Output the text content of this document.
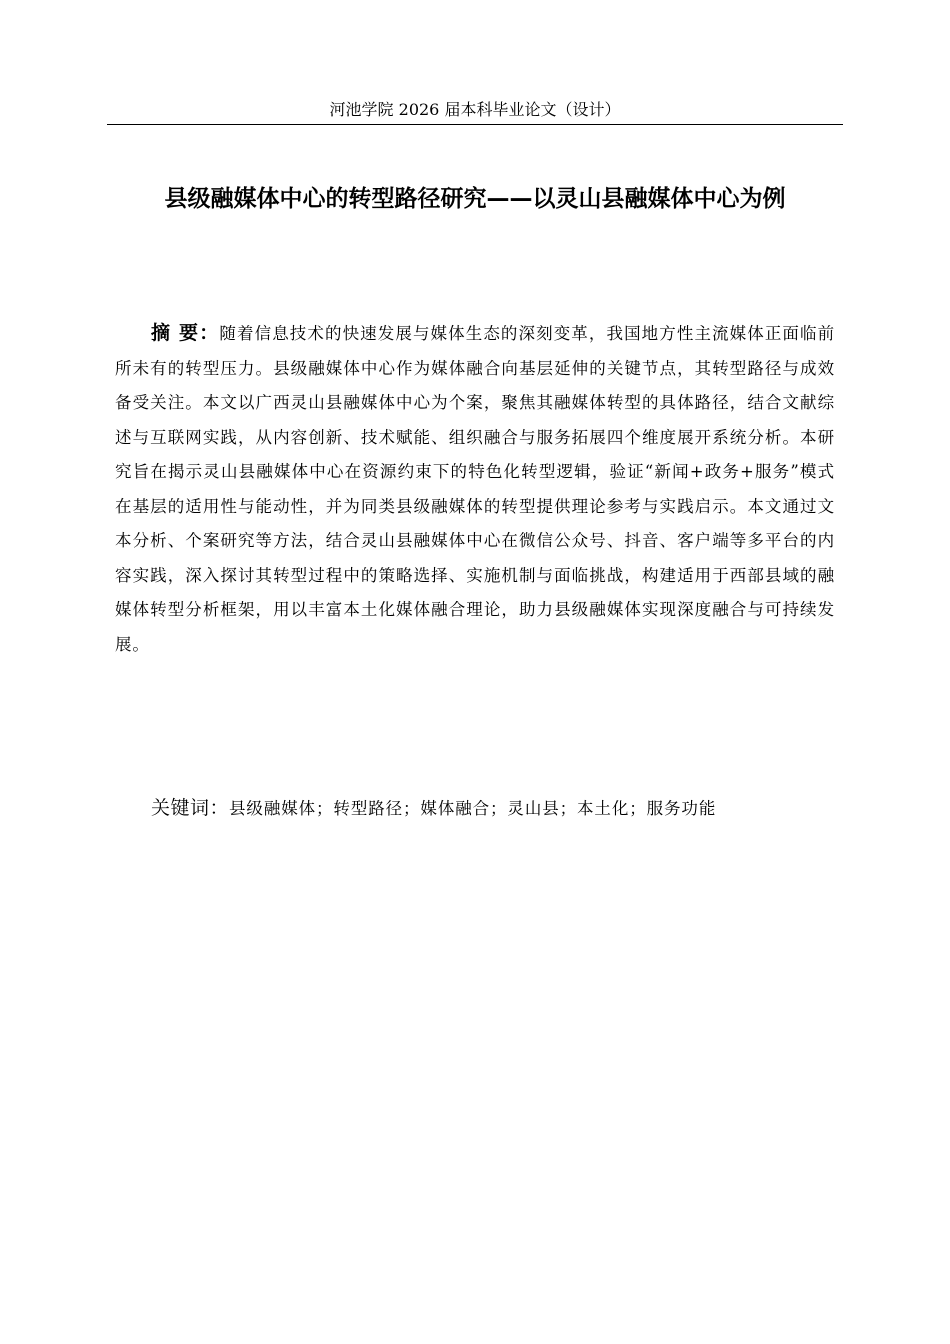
河池学院 2026 届本科毕业论文（设计）
县级融媒体中心的转型路径研究——以灵山县融媒体中心为例
摘 要：随着信息技术的快速发展与媒体生态的深刻变革，我国地方性主流媒体正面临前所未有的转型压力。县级融媒体中心作为媒体融合向基层延伸的关键节点，其转型路径与成效备受关注。本文以广西灵山县融媒体中心为个案，聚焦其融媒体转型的具体路径，结合文献综述与互联网实践，从内容创新、技术赋能、组织融合与服务拓展四个维度展开系统分析。本研究旨在揭示灵山县融媒体中心在资源约束下的特色化转型逻辑，验证“新闻+政务+服务”模式在基层的适用性与能动性，并为同类县级融媒体的转型提供理论参考与实践启示。本文通过文本分析、个案研究等方法，结合灵山县融媒体中心在微信公众号、抖音、客户端等多平台的内容实践，深入探讨其转型过程中的策略选择、实施机制与面临挑战，构建适用于西部县域的融媒体转型分析框架，用以丰富本土化媒体融合理论，助力县级融媒体实现深度融合与可持续发展。
关键词：县级融媒体；转型路径；媒体融合；灵山县；本土化；服务功能
